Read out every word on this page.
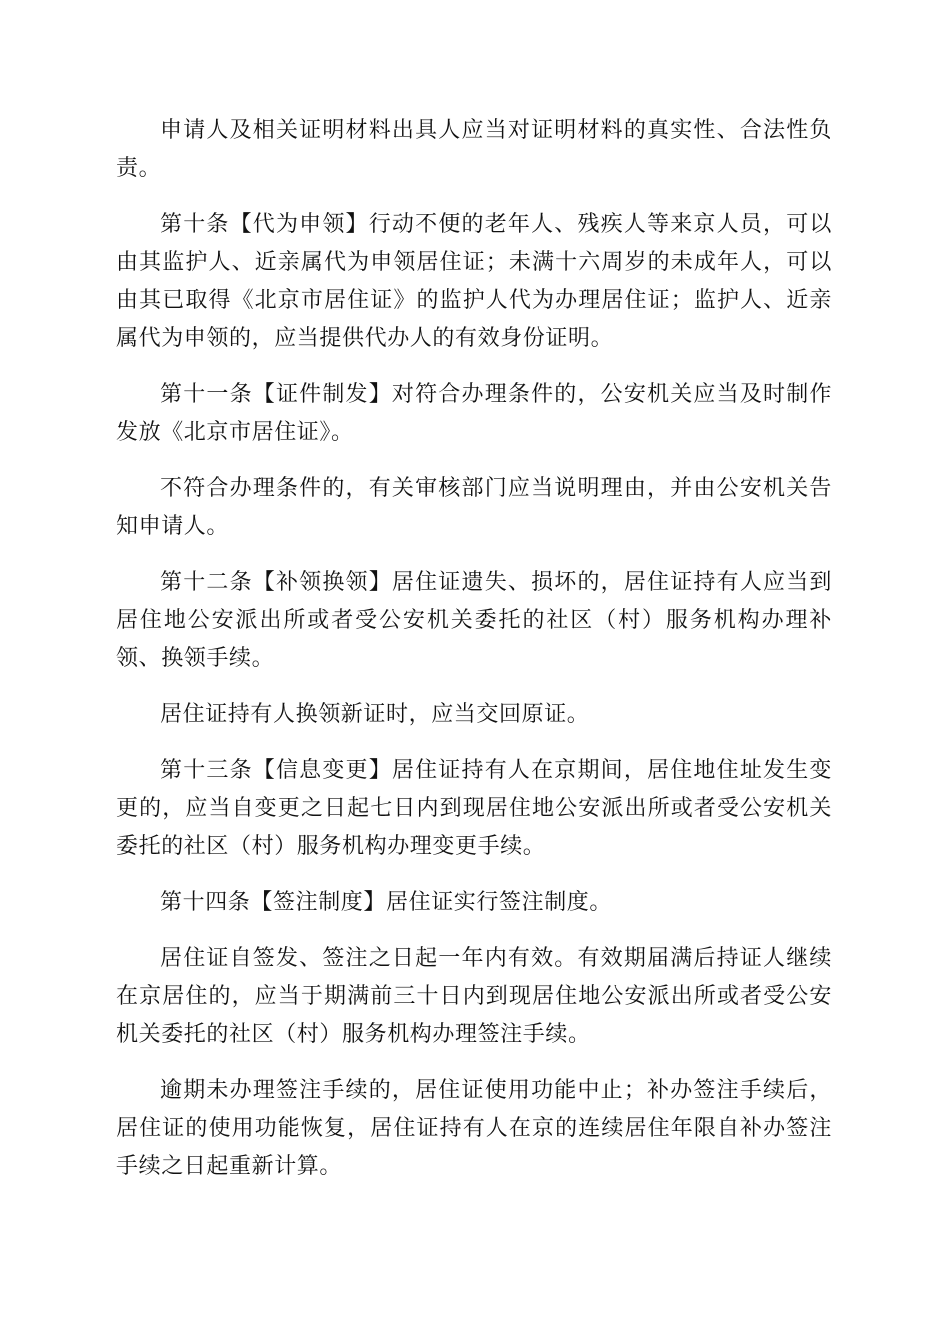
申请人及相关证明材料出具人应当对证明材料的真实性、合法性负责。

第十条【代为申领】行动不便的老年人、残疾人等来京人员，可以由其监护人、近亲属代为申领居住证；未满十六周岁的未成年人，可以由其已取得《北京市居住证》的监护人代为办理居住证；监护人、近亲属代为申领的，应当提供代办人的有效身份证明。

第十一条【证件制发】对符合办理条件的，公安机关应当及时制作发放《北京市居住证》。

不符合办理条件的，有关审核部门应当说明理由，并由公安机关告知申请人。

第十二条【补领换领】居住证遗失、损坏的，居住证持有人应当到居住地公安派出所或者受公安机关委托的社区（村）服务机构办理补领、换领手续。

居住证持有人换领新证时，应当交回原证。

第十三条【信息变更】居住证持有人在京期间，居住地住址发生变更的，应当自变更之日起七日内到现居住地公安派出所或者受公安机关委托的社区（村）服务机构办理变更手续。

第十四条【签注制度】居住证实行签注制度。

居住证自签发、签注之日起一年内有效。有效期届满后持证人继续在京居住的，应当于期满前三十日内到现居住地公安派出所或者受公安机关委托的社区（村）服务机构办理签注手续。

逾期未办理签注手续的，居住证使用功能中止；补办签注手续后，居住证的使用功能恢复，居住证持有人在京的连续居住年限自补办签注手续之日起重新计算。
